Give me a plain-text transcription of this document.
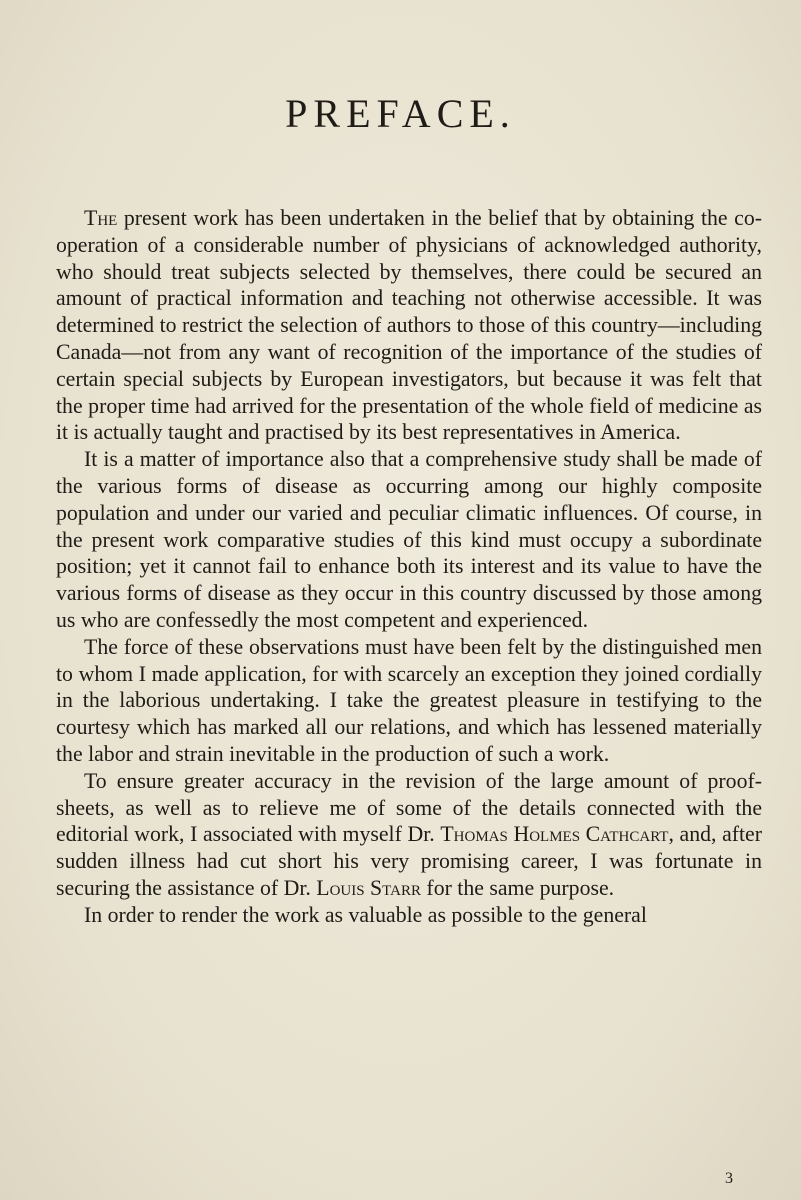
PREFACE.

The present work has been undertaken in the belief that by obtaining the co-operation of a considerable number of physicians of acknowledged authority, who should treat subjects selected by themselves, there could be secured an amount of practical information and teaching not otherwise accessible. It was determined to restrict the selection of authors to those of this country—including Canada—not from any want of recognition of the importance of the studies of certain special subjects by European investigators, but because it was felt that the proper time had arrived for the presentation of the whole field of medicine as it is actually taught and practised by its best representatives in America.

It is a matter of importance also that a comprehensive study shall be made of the various forms of disease as occurring among our highly composite population and under our varied and peculiar climatic influences. Of course, in the present work comparative studies of this kind must occupy a subordinate position; yet it cannot fail to enhance both its interest and its value to have the various forms of disease as they occur in this country discussed by those among us who are confessedly the most competent and experienced.

The force of these observations must have been felt by the distinguished men to whom I made application, for with scarcely an exception they joined cordially in the laborious undertaking. I take the greatest pleasure in testifying to the courtesy which has marked all our relations, and which has lessened materially the labor and strain inevitable in the production of such a work.

To ensure greater accuracy in the revision of the large amount of proof-sheets, as well as to relieve me of some of the details connected with the editorial work, I associated with myself Dr. Thomas Holmes Cathcart, and, after sudden illness had cut short his very promising career, I was fortunate in securing the assistance of Dr. Louis Starr for the same purpose.

In order to render the work as valuable as possible to the general

3
